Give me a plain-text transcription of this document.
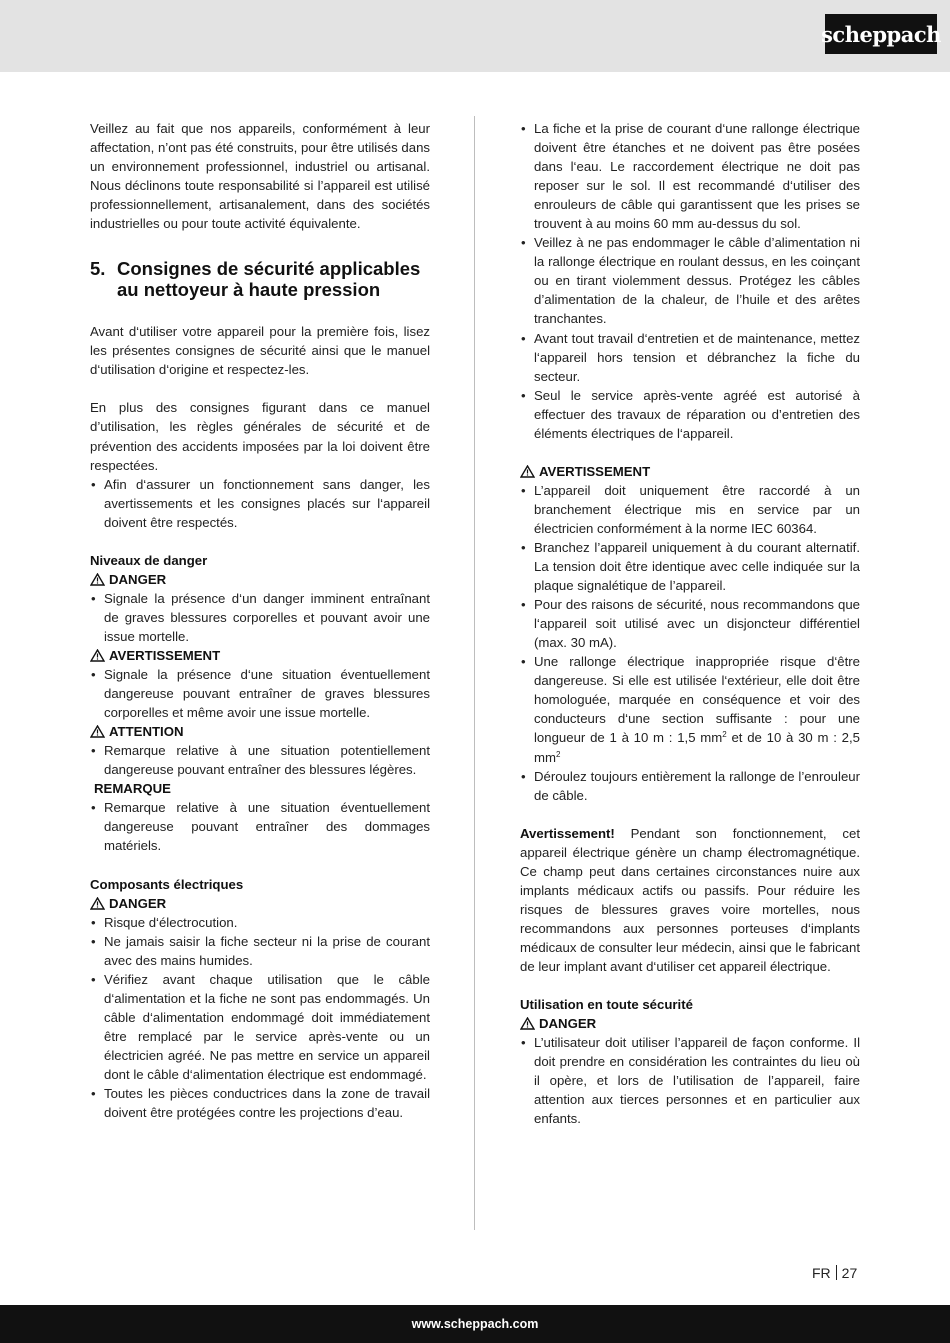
scheppach

Veillez au fait que nos appareils, conformément à leur affectation, n’ont pas été construits, pour être utilisés dans un environnement professionnel, industriel ou artisanal. Nous déclinons toute responsabilité si l’appareil est utilisé professionnellement, artisanalement, dans des sociétés industrielles ou pour toute activité équivalente.

5. Consignes de sécurité applicables au nettoyeur à haute pression

Avant d‘utiliser votre appareil pour la première fois, lisez les présentes consignes de sécurité ainsi que le manuel d‘utilisation d‘origine et respectez-les.

En plus des consignes figurant dans ce manuel d’utilisation, les règles générales de sécurité et de prévention des accidents imposées par la loi doivent être respectées.

• Afin d‘assurer un fonctionnement sans danger, les avertissements et les consignes placés sur l‘appareil doivent être respectés.
Niveaux de danger
DANGER
• Signale la présence d‘un danger imminent entraînant de graves blessures corporelles et pouvant avoir une issue mortelle.
AVERTISSEMENT
• Signale la présence d‘une situation éventuellement dangereuse pouvant entraîner de graves blessures corporelles et même avoir une issue mortelle.
ATTENTION
• Remarque relative à une situation potentiellement dangereuse pouvant entraîner des blessures légères.
REMARQUE
• Remarque relative à une situation éventuellement dangereuse pouvant entraîner des dommages matériels.
Composants électriques
DANGER
• Risque d‘électrocution.
• Ne jamais saisir la fiche secteur ni la prise de courant avec des mains humides.
• Vérifiez avant chaque utilisation que le câble d‘alimentation et la fiche ne sont pas endommagés. Un câble d‘alimentation endommagé doit immédiatement être remplacé par le service après-vente ou un électricien agréé. Ne pas mettre en service un appareil dont le câble d‘alimentation électrique est endommagé.
• Toutes les pièces conductrices dans la zone de travail doivent être protégées contre les projections d’eau.
• La fiche et la prise de courant d‘une rallonge électrique doivent être étanches et ne doivent pas être posées dans l‘eau. Le raccordement électrique ne doit pas reposer sur le sol. Il est recommandé d‘utiliser des enrouleurs de câble qui garantissent que les prises se trouvent à au moins 60 mm au-dessus du sol.
• Veillez à ne pas endommager le câble d’alimentation ni la rallonge électrique en roulant dessus, en les coinçant ou en tirant violemment dessus. Protégez les câbles d’alimentation de la chaleur, de l’huile et des arêtes tranchantes.
• Avant tout travail d‘entretien et de maintenance, mettez l‘appareil hors tension et débranchez la fiche du secteur.
• Seul le service après-vente agréé est autorisé à effectuer des travaux de réparation ou d’entretien des éléments électriques de l‘appareil.
AVERTISSEMENT
• L’appareil doit uniquement être raccordé à un branchement électrique mis en service par un électricien conformément à la norme IEC 60364.
• Branchez l’appareil uniquement à du courant alternatif. La tension doit être identique avec celle indiquée sur la plaque signalétique de l’appareil.
• Pour des raisons de sécurité, nous recommandons que l‘appareil soit utilisé avec un disjoncteur différentiel (max. 30 mA).
• Une rallonge électrique inappropriée risque d‘être dangereuse. Si elle est utilisée l‘extérieur, elle doit être homologuée, marquée en conséquence et voir des conducteurs d‘une section suffisante : pour une longueur de 1 à 10 m : 1,5 $mm^2$ et de 10 à 30 m : 2,5 $mm^2$
• Déroulez toujours entièrement la rallonge de l’enrouleur de câble.

Avertissement! Pendant son fonctionnement, cet appareil électrique génère un champ électromagnétique. Ce champ peut dans certaines circonstances nuire aux implants médicaux actifs ou passifs. Pour réduire les risques de blessures graves voire mortelles, nous recommandons aux personnes porteuses d‘implants médicaux de consulter leur médecin, ainsi que le fabricant de leur implant avant d‘utiliser cet appareil électrique.

Utilisation en toute sécurité
DANGER
• L’utilisateur doit utiliser l’appareil de façon conforme. Il doit prendre en considération les contraintes du lieu où il opère, et lors de l’utilisation de l’appareil, faire attention aux tierces personnes et en particulier aux enfants.
FR 27
www.scheppach.com
